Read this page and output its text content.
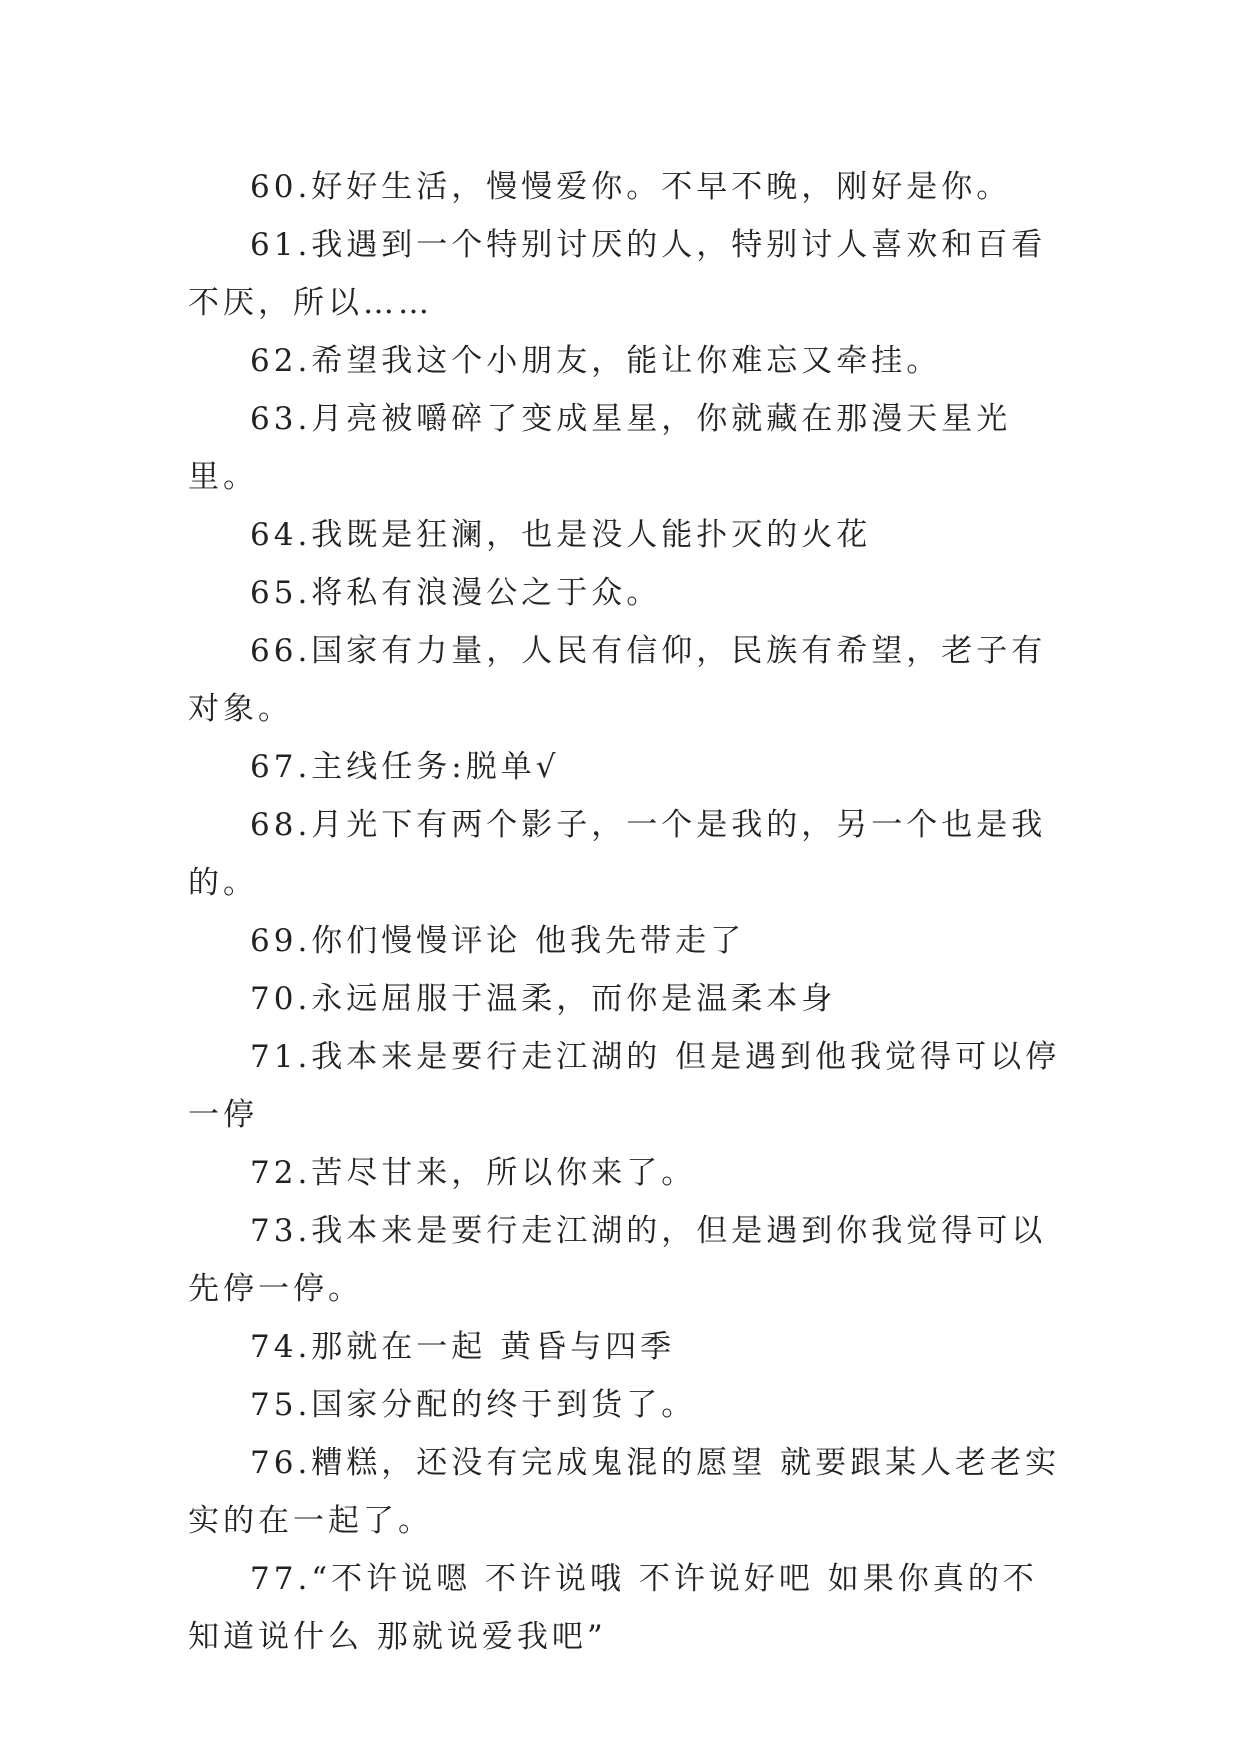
60.好好生活，慢慢爱你。不早不晚，刚好是你。

61.我遇到一个特别讨厌的人，特别讨人喜欢和百看不厌，所以……

62.希望我这个小朋友，能让你难忘又牵挂。

63.月亮被嚼碎了变成星星，你就藏在那漫天星光里。

64.我既是狂澜，也是没人能扑灭的火花

65.将私有浪漫公之于众。

66.国家有力量，人民有信仰，民族有希望，老子有对象。

67.主线任务:脱单√

68.月光下有两个影子，一个是我的，另一个也是我的。

69.你们慢慢评论 他我先带走了

70.永远屈服于温柔，而你是温柔本身

71.我本来是要行走江湖的 但是遇到他我觉得可以停一停

72.苦尽甘来，所以你来了。

73.我本来是要行走江湖的，但是遇到你我觉得可以先停一停。

74.那就在一起 黄昏与四季

75.国家分配的终于到货了。

76.糟糕，还没有完成鬼混的愿望 就要跟某人老老实实的在一起了。

77.“不许说嗯 不许说哦 不许说好吧 如果你真的不知道说什么 那就说爱我吧”
